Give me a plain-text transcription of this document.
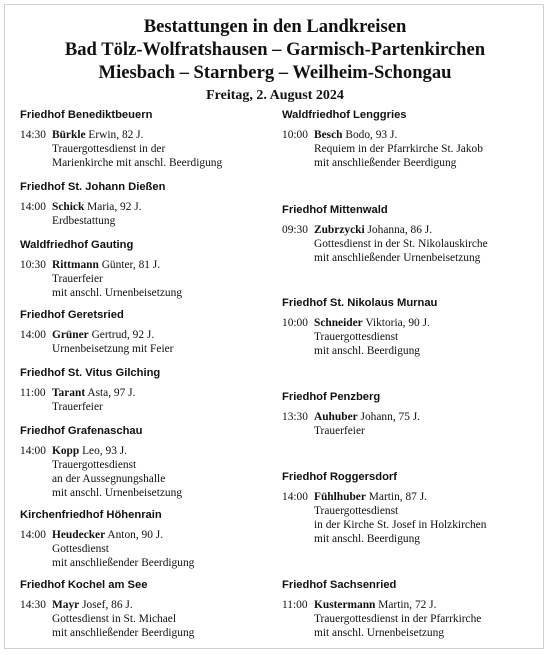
Bestattungen in den Landkreisen
Bad Tölz-Wolfratshausen – Garmisch-Partenkirchen
Miesbach – Starnberg – Weilheim-Schongau
Freitag, 2. August 2024
Friedhof Benediktbeuern
14:30 Bürkle Erwin, 82 J.
Trauergottesdienst in der
Marienkirche mit anschl. Beerdigung
Friedhof St. Johann Dießen
14:00 Schick Maria, 92 J.
Erdbestattung
Waldfriedhof Gauting
10:30 Rittmann Günter, 81 J.
Trauerfeier
mit anschl. Urnenbeisetzung
Friedhof Geretsried
14:00 Grüner Gertrud, 92 J.
Urnenbeisetzung mit Feier
Friedhof St. Vitus Gilching
11:00 Tarant Asta, 97 J.
Trauerfeier
Friedhof Grafenaschau
14:00 Kopp Leo, 93 J.
Trauergottesdienst
an der Aussegnungshalle
mit anschl. Urnenbeisetzung
Kirchenfriedhof Höhenrain
14:00 Heudecker Anton, 90 J.
Gottesdienst
mit anschließender Beerdigung
Friedhof Kochel am See
14:30 Mayr Josef, 86 J.
Gottesdienst in St. Michael
mit anschließender Beerdigung
Waldfriedhof Lenggries
10:00 Besch Bodo, 93 J.
Requiem in der Pfarrkirche St. Jakob
mit anschließender Beerdigung
Friedhof Mittenwald
09:30 Zubrzycki Johanna, 86 J.
Gottesdienst in der St. Nikolauskirche
mit anschließender Urnenbeisetzung
Friedhof St. Nikolaus Murnau
10:00 Schneider Viktoria, 90 J.
Trauergottesdienst
mit anschl. Beerdigung
Friedhof Penzberg
13:30 Auhuber Johann, 75 J.
Trauerfeier
Friedhof Roggersdorf
14:00 Fühlhuber Martin, 87 J.
Trauergottesdienst
in der Kirche St. Josef in Holzkirchen
mit anschl. Beerdigung
Friedhof Sachsenried
11:00 Kustermann Martin, 72 J.
Trauergottesdienst in der Pfarrkirche
mit anschl. Urnenbeisetzung
